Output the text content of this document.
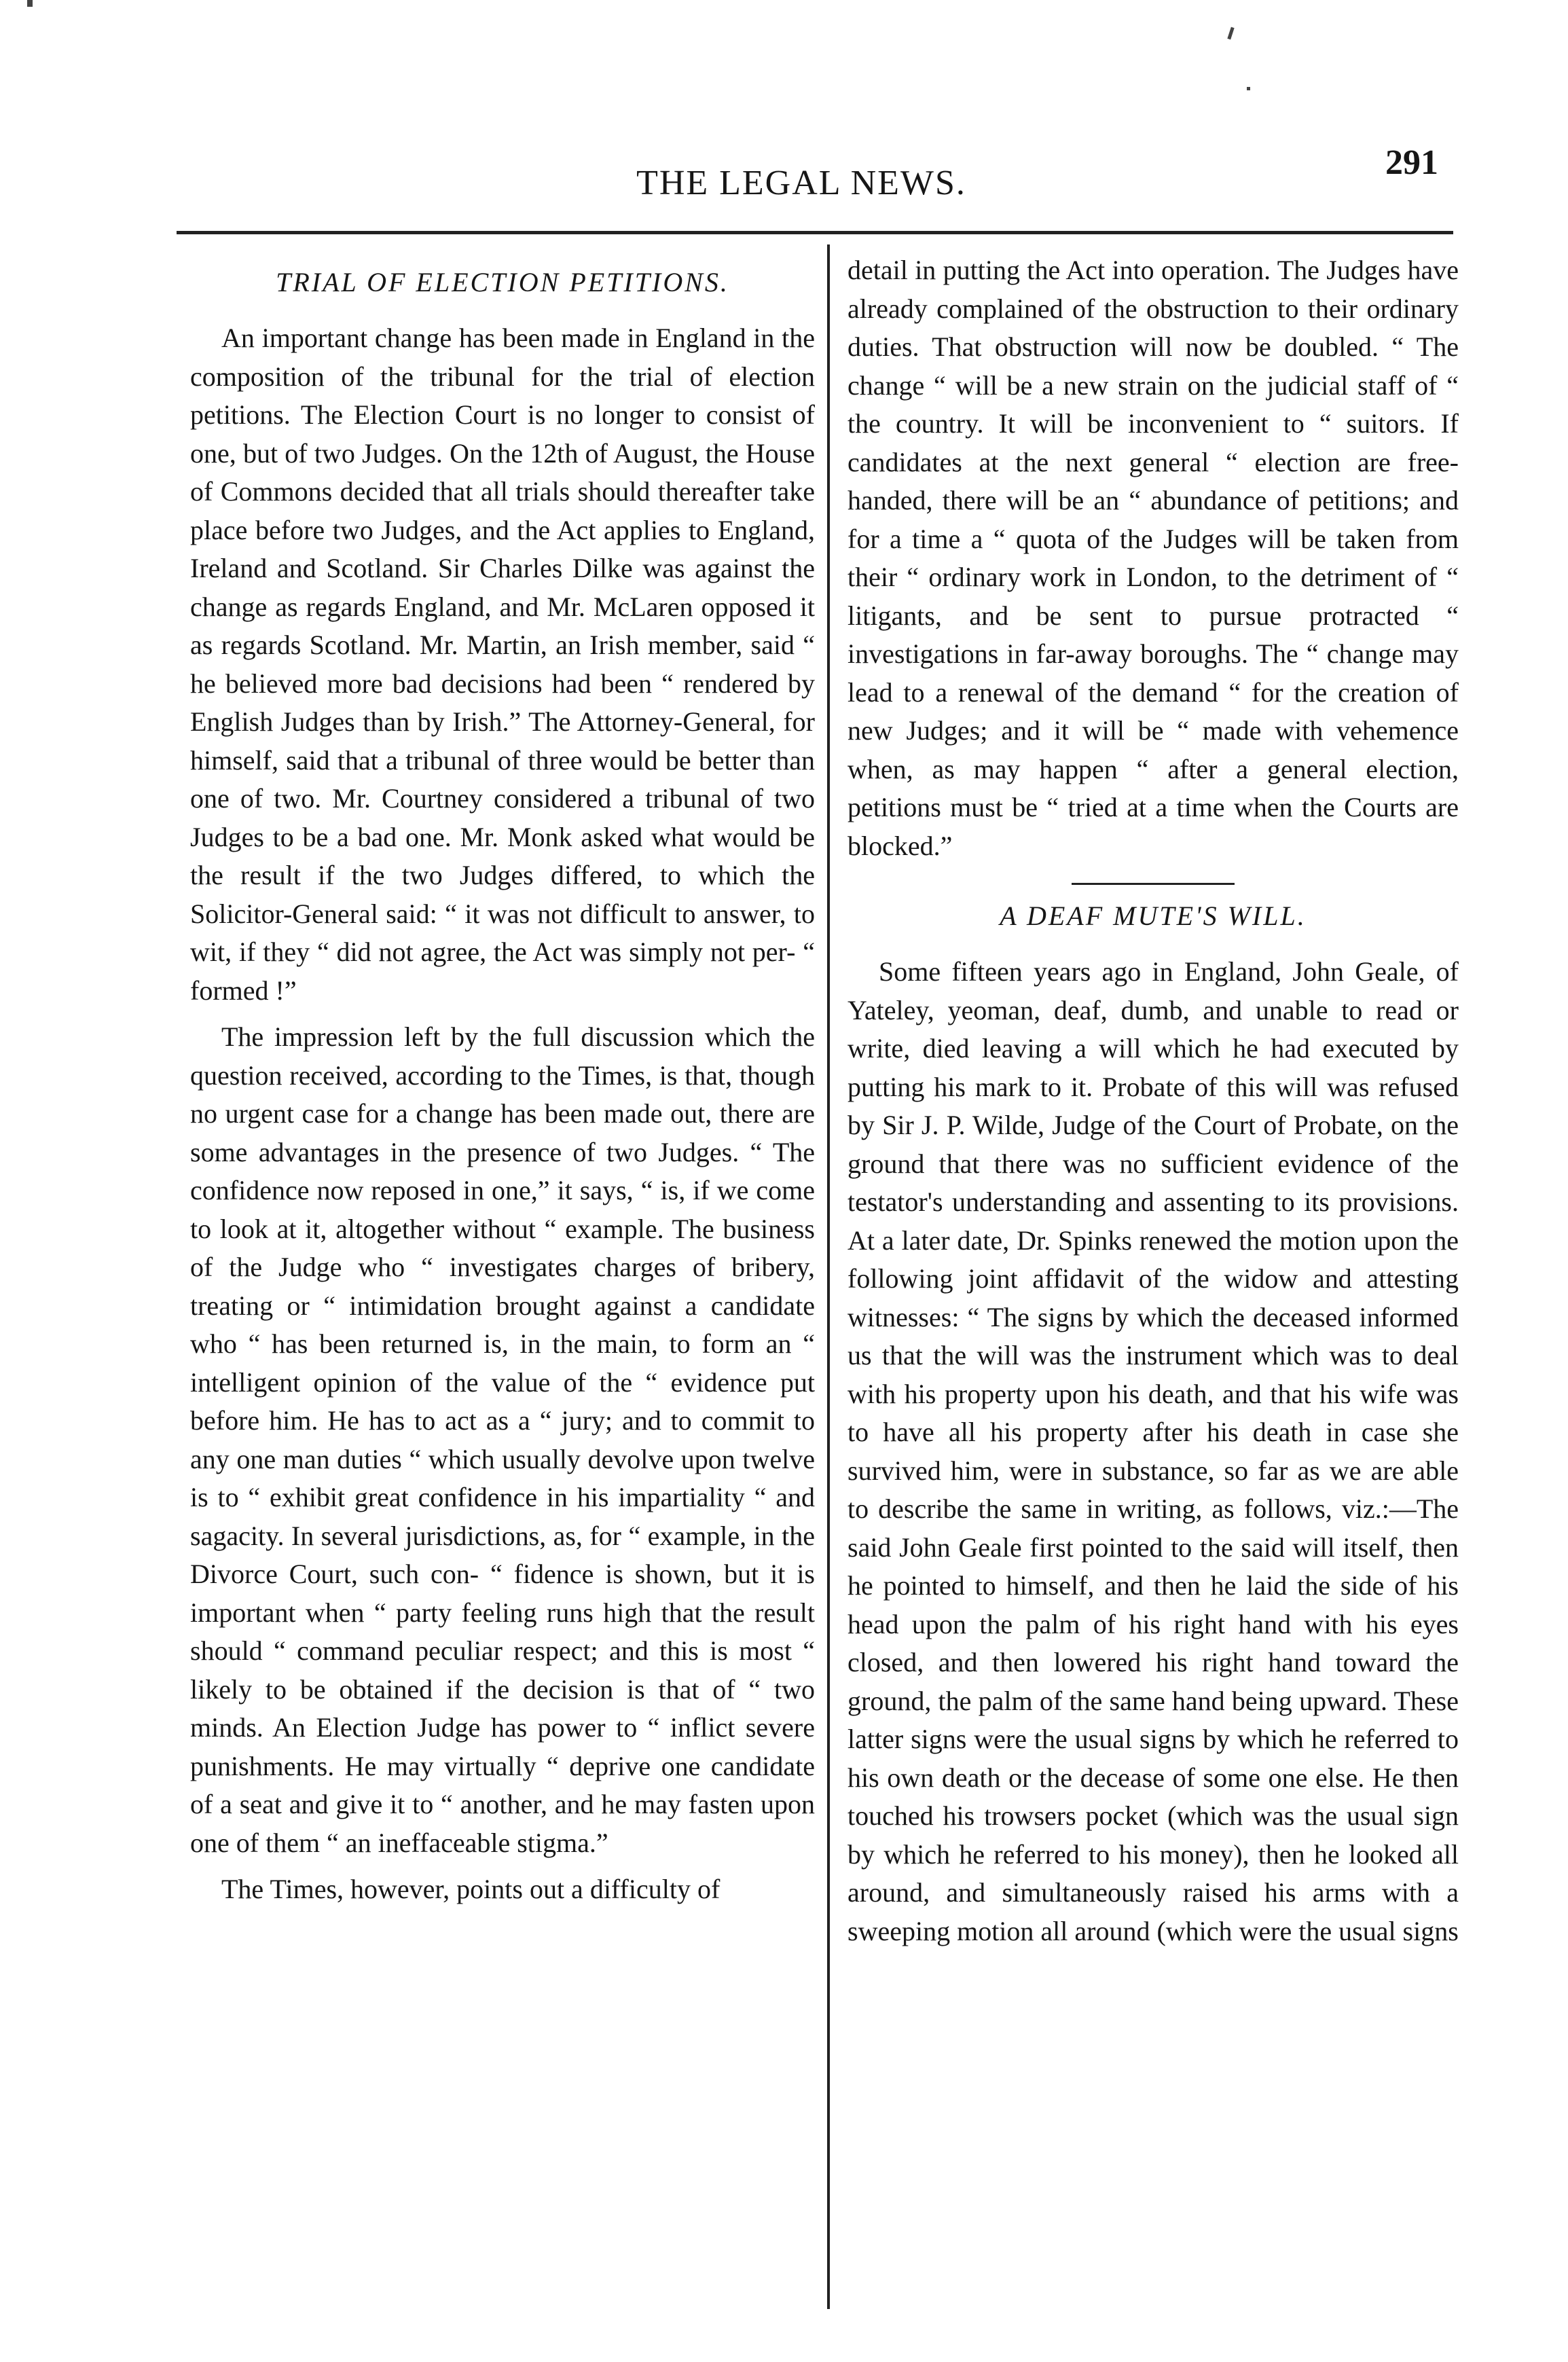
THE LEGAL NEWS.
291
TRIAL OF ELECTION PETITIONS.

An important change has been made in England in the composition of the tribunal for the trial of election petitions. The Election Court is no longer to consist of one, but of two Judges. On the 12th of August, the House of Commons decided that all trials should thereafter take place before two Judges, and the Act applies to England, Ireland and Scotland. Sir Charles Dilke was against the change as regards England, and Mr. McLaren opposed it as regards Scotland. Mr. Martin, an Irish member, said “ he believed more bad decisions had been “ rendered by English Judges than by Irish.” The Attorney-General, for himself, said that a tribunal of three would be better than one of two. Mr. Courtney considered a tribunal of two Judges to be a bad one. Mr. Monk asked what would be the result if the two Judges differed, to which the Solicitor-General said: “ it was not difficult to answer, to wit, if they “ did not agree, the Act was simply not per- “ formed !”

The impression left by the full discussion which the question received, according to the Times, is that, though no urgent case for a change has been made out, there are some advantages in the presence of two Judges. “ The confidence now reposed in one,” it says, “ is, if we come to look at it, altogether without “ example. The business of the Judge who “ investigates charges of bribery, treating or “ intimidation brought against a candidate who “ has been returned is, in the main, to form an “ intelligent opinion of the value of the “ evidence put before him. He has to act as a “ jury; and to commit to any one man duties “ which usually devolve upon twelve is to “ exhibit great confidence in his impartiality “ and sagacity. In several jurisdictions, as, for “ example, in the Divorce Court, such con- “ fidence is shown, but it is important when “ party feeling runs high that the result should “ command peculiar respect; and this is most “ likely to be obtained if the decision is that of “ two minds. An Election Judge has power to “ inflict severe punishments. He may virtually “ deprive one candidate of a seat and give it to “ another, and he may fasten upon one of them “ an ineffaceable stigma.”

The Times, however, points out a difficulty of

detail in putting the Act into operation. The Judges have already complained of the obstruction to their ordinary duties. That obstruction will now be doubled. “ The change “ will be a new strain on the judicial staff of “ the country. It will be inconvenient to “ suitors. If candidates at the next general “ election are free-handed, there will be an “ abundance of petitions; and for a time a “ quota of the Judges will be taken from their “ ordinary work in London, to the detriment of “ litigants, and be sent to pursue protracted “ investigations in far-away boroughs. The “ change may lead to a renewal of the demand “ for the creation of new Judges; and it will be “ made with vehemence when, as may happen “ after a general election, petitions must be “ tried at a time when the Courts are blocked.”

A DEAF MUTE'S WILL.

Some fifteen years ago in England, John Geale, of Yateley, yeoman, deaf, dumb, and unable to read or write, died leaving a will which he had executed by putting his mark to it. Probate of this will was refused by Sir J. P. Wilde, Judge of the Court of Probate, on the ground that there was no sufficient evidence of the testator's understanding and assenting to its provisions. At a later date, Dr. Spinks renewed the motion upon the following joint affidavit of the widow and attesting witnesses: “ The signs by which the deceased informed us that the will was the instrument which was to deal with his property upon his death, and that his wife was to have all his property after his death in case she survived him, were in substance, so far as we are able to describe the same in writing, as follows, viz.:—The said John Geale first pointed to the said will itself, then he pointed to himself, and then he laid the side of his head upon the palm of his right hand with his eyes closed, and then lowered his right hand toward the ground, the palm of the same hand being upward. These latter signs were the usual signs by which he referred to his own death or the decease of some one else. He then touched his trowsers pocket (which was the usual sign by which he referred to his money), then he looked all around, and simultaneously raised his arms with a sweeping motion all around (which were the usual signs
